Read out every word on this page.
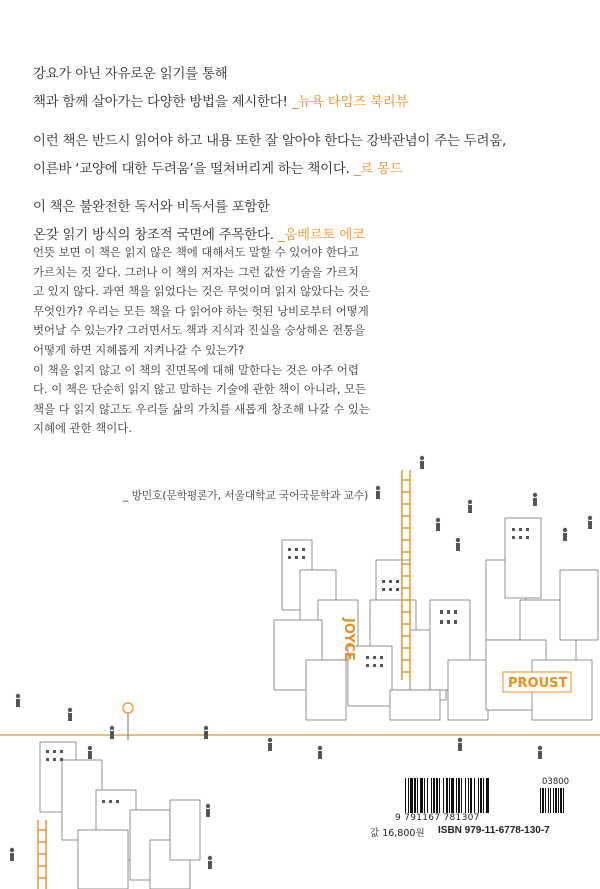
강요가 아닌 자유로운 읽기를 통해
책과 함께 살아가는 다양한 방법을 제시한다! _뉴욕 타임즈 북리뷰
이런 책은 반드시 읽어야 하고 내용 또한 잘 알아야 한다는 강박관념이 주는 두려움,
이른바 ‘교양에 대한 두려움’을 떨쳐버리게 하는 책이다. _르 몽드
이 책은 불완전한 독서와 비독서를 포함한
온갖 읽기 방식의 창조적 국면에 주목한다. _움베르토 에코
언뜻 보면 이 책은 읽지 않은 책에 대해서도 말할 수 있어야 한다고
가르치는 것 같다. 그러나 이 책의 저자는 그런 값싼 기술을 가르치
고 있지 않다. 과연 책을 읽었다는 것은 무엇이며 읽지 않았다는 것은
무엇인가? 우리는 모든 책을 다 읽어야 하는 헛된 낭비로부터 어떻게
벗어날 수 있는가? 그러면서도 책과 지식과 진실을 숭상해온 전통을
어떻게 하면 지혜롭게 지켜나갈 수 있는가?
이 책을 읽지 않고 이 책의 진면목에 대해 말한다는 것은 아주 어렵
다. 이 책은 단순히 읽지 않고 말하는 기술에 관한 책이 아니라, 모든
책을 다 읽지 않고도 우리들 삶의 가치를 새롭게 창조해 나갈 수 있는
지혜에 관한 책이다.
_ 방민호(문학평론가, 서울대학교 국어국문학과 교수)
JOYCE
PROUST
03800
9 791167 781307
값 16,800원 ISBN 979-11-6778-130-7
